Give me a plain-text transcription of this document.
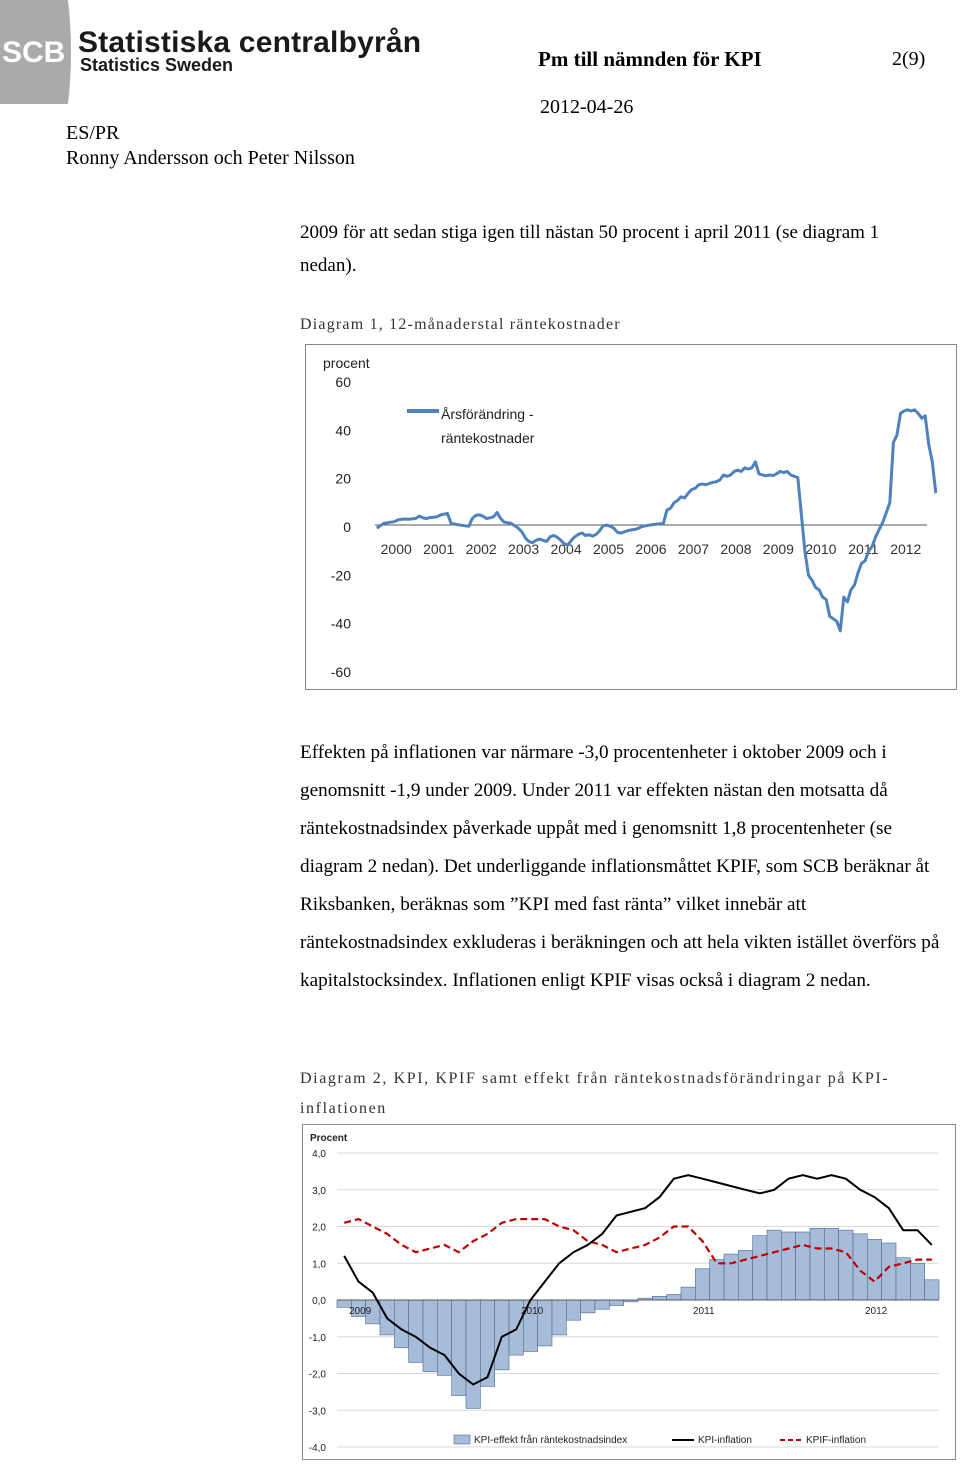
SCB Statistiska centralbyrån
Statistics Sweden	Pm till nämnden för KPI	2(9)
2012-04-26
ES/PR
Ronny Andersson och Peter Nilsson
2009 för att sedan stiga igen till nästan 50 procent i april 2011 (se diagram 1 nedan).
Diagram 1, 12-månaderstal räntekostnader
procent
60
40
20
0
-20
-40
-60
2000 2001 2002 2003 2004 2005 2006 2007 2008 2009 2010 2011 2012
Årsförändring -
räntekostnader
Effekten på inflationen var närmare -3,0 procentenheter i oktober 2009 och i genomsnitt -1,9 under 2009. Under 2011 var effekten nästan den motsatta då räntekostnadsindex påverkade uppåt med i genomsnitt 1,8 procentenheter (se diagram 2 nedan). Det underliggande inflationsmåttet KPIF, som SCB beräknar åt Riksbanken, beräknas som ”KPI med fast ränta” vilket innebär att räntekostnadsindex exkluderas i beräkningen och att hela vikten istället överförs på kapitalstocksindex. Inflationen enligt KPIF visas också i diagram 2 nedan.
Diagram 2, KPI, KPIF samt effekt från räntekostnadsförändringar på KPI-inflationen
Procent
4,0
3,0
2,0
1,0
0,0
-1,0
-2,0
-3,0
-4,0
2009	2010	2011	2012
KPI-effekt från räntekostnadsindex	KPI-inflation	KPIF-inflation
